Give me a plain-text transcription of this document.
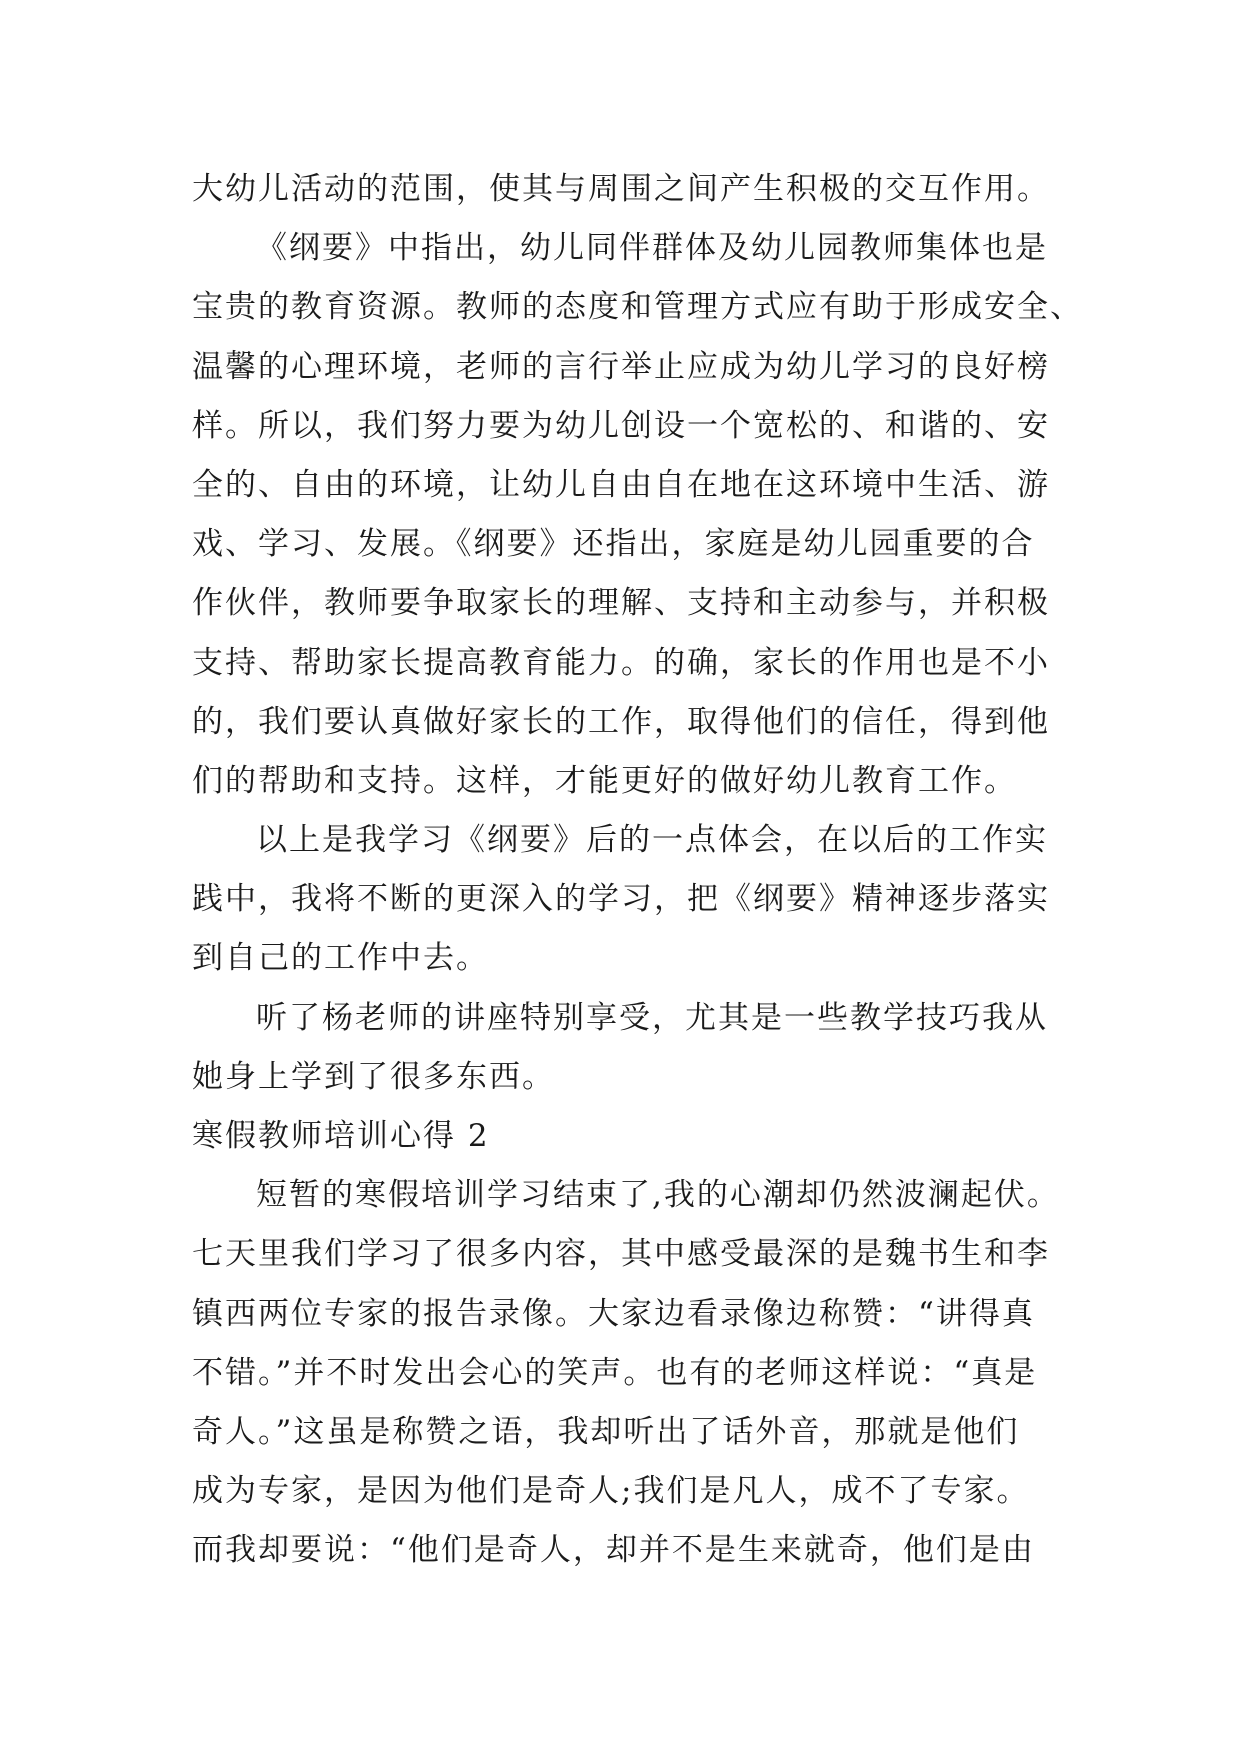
大幼儿活动的范围，使其与周围之间产生积极的交互作用。
《纲要》中指出，幼儿同伴群体及幼儿园教师集体也是
宝贵的教育资源。教师的态度和管理方式应有助于形成安全、
温馨的心理环境，老师的言行举止应成为幼儿学习的良好榜
样。所以，我们努力要为幼儿创设一个宽松的、和谐的、安
全的、自由的环境，让幼儿自由自在地在这环境中生活、游
戏、学习、发展。《纲要》还指出，家庭是幼儿园重要的合
作伙伴，教师要争取家长的理解、支持和主动参与，并积极
支持、帮助家长提高教育能力。的确，家长的作用也是不小
的，我们要认真做好家长的工作，取得他们的信任，得到他
们的帮助和支持。这样，才能更好的做好幼儿教育工作。
以上是我学习《纲要》后的一点体会，在以后的工作实
践中，我将不断的更深入的学习，把《纲要》精神逐步落实
到自己的工作中去。
听了杨老师的讲座特别享受，尤其是一些教学技巧我从
她身上学到了很多东西。
寒假教师培训心得 2
短暂的寒假培训学习结束了,我的心潮却仍然波澜起伏。
七天里我们学习了很多内容，其中感受最深的是魏书生和李
镇西两位专家的报告录像。大家边看录像边称赞：“讲得真
不错。”并不时发出会心的笑声。也有的老师这样说：“真是
奇人。”这虽是称赞之语，我却听出了话外音，那就是他们
成为专家，是因为他们是奇人;我们是凡人，成不了专家。
而我却要说：“他们是奇人，却并不是生来就奇，他们是由
